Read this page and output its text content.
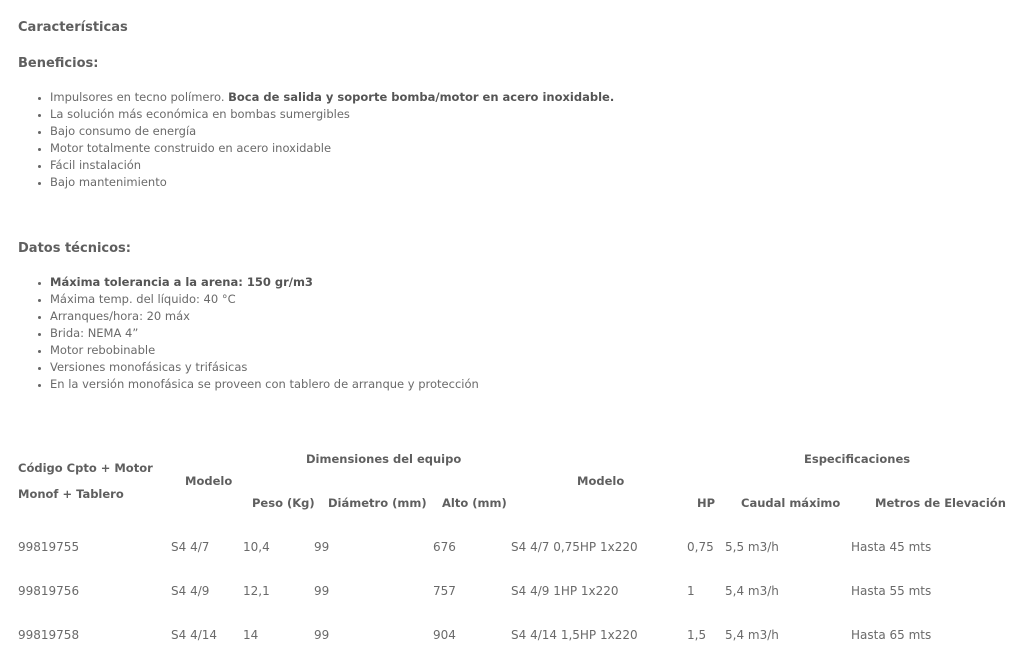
Características
Beneficios:
• Impulsores en tecno polímero. Boca de salida y soporte bomba/motor en acero inoxidable.
• La solución más económica en bombas sumergibles
• Bajo consumo de energía
• Motor totalmente construido en acero inoxidable
• Fácil instalación
• Bajo mantenimiento
Datos técnicos:
• Máxima tolerancia a la arena: 150 gr/m3
• Máxima temp. del líquido: 40 °C
• Arranques/hora: 20 máx
• Brida: NEMA 4”
• Motor rebobinable
• Versiones monofásicas y trifásicas
• En la versión monofásica se proveen con tablero de arranque y protección
Código Cpto + Motor
Monof + Tablero
Modelo
Dimensiones del equipo
Peso (Kg) Diámetro (mm) Alto (mm)
Modelo
Especificaciones
HP Caudal máximo	Metros de Elevación
99819755	S4 4/7	10,4	99	676	S4 4/7 0,75HP 1x220	0,75 5,5 m3/h	Hasta 45 mts
99819756	S4 4/9	12,1	99	757	S4 4/9 1HP 1x220	1	5,4 m3/h	Hasta 55 mts
99819758	S4 4/14 14	99	904	S4 4/14 1,5HP 1x220	1,5 5,4 m3/h	Hasta 65 mts
